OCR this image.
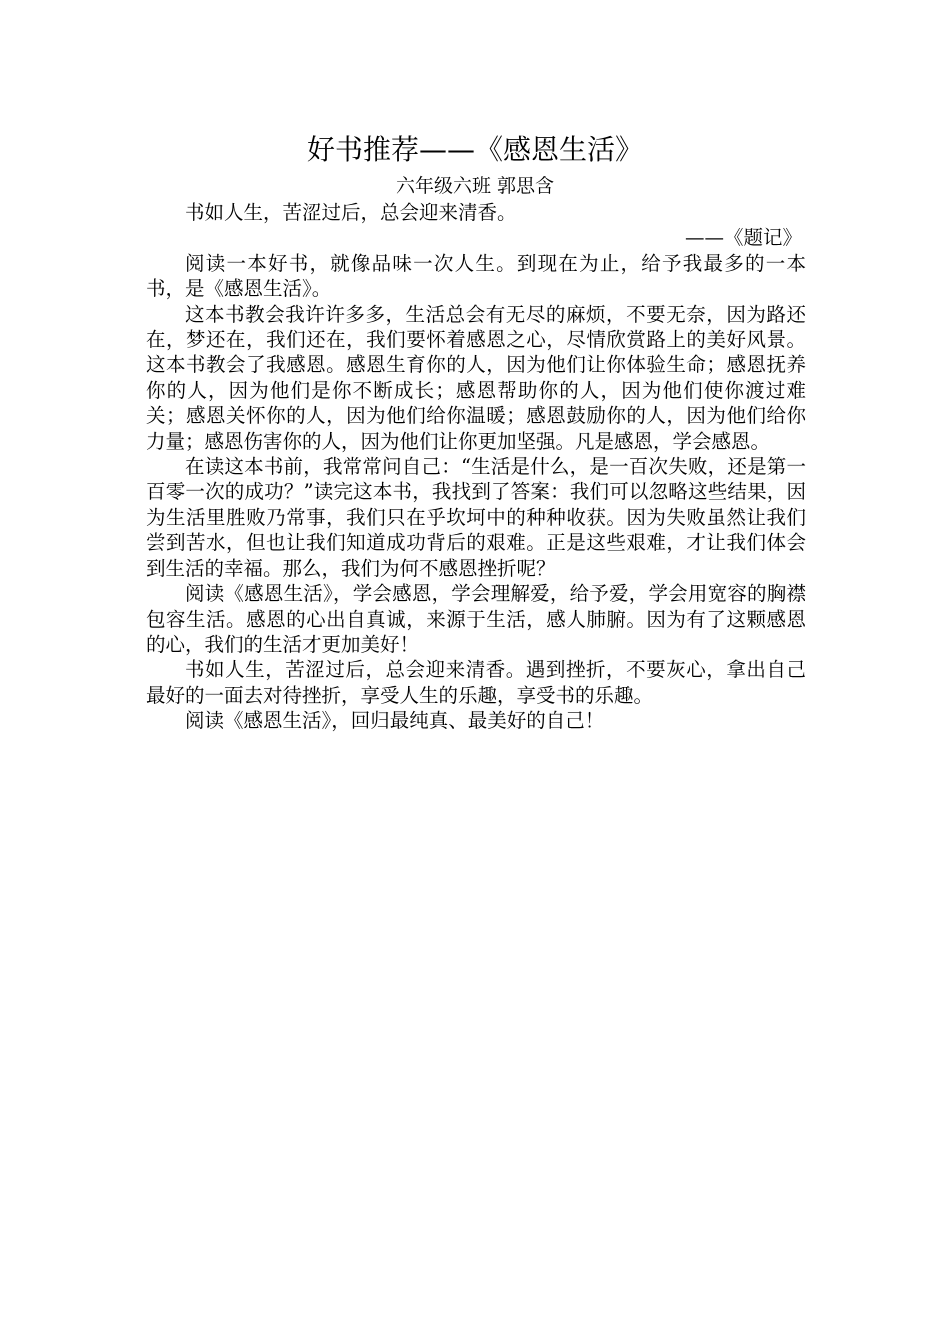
好书推荐——《感恩生活》
六年级六班 郭思含

书如人生，苦涩过后，总会迎来清香。

——《题记》

阅读一本好书，就像品味一次人生。到现在为止，给予我最多的一本书，是《感恩生活》。

这本书教会我许许多多，生活总会有无尽的麻烦，不要无奈，因为路还在，梦还在，我们还在，我们要怀着感恩之心，尽情欣赏路上的美好风景。这本书教会了我感恩。感恩生育你的人，因为他们让你体验生命；感恩抚养你的人，因为他们是你不断成长；感恩帮助你的人，因为他们使你渡过难关；感恩关怀你的人，因为他们给你温暖；感恩鼓励你的人，因为他们给你力量；感恩伤害你的人，因为他们让你更加坚强。凡是感恩，学会感恩。

在读这本书前，我常常问自己：“生活是什么，是一百次失败，还是第一百零一次的成功？”读完这本书，我找到了答案：我们可以忽略这些结果，因为生活里胜败乃常事，我们只在乎坎坷中的种种收获。因为失败虽然让我们尝到苦水，但也让我们知道成功背后的艰难。正是这些艰难，才让我们体会到生活的幸福。那么，我们为何不感恩挫折呢？

阅读《感恩生活》，学会感恩，学会理解爱，给予爱，学会用宽容的胸襟包容生活。感恩的心出自真诚，来源于生活，感人肺腑。因为有了这颗感恩的心，我们的生活才更加美好！

书如人生，苦涩过后，总会迎来清香。遇到挫折，不要灰心，拿出自己最好的一面去对待挫折，享受人生的乐趣，享受书的乐趣。

阅读《感恩生活》，回归最纯真、最美好的自己！
